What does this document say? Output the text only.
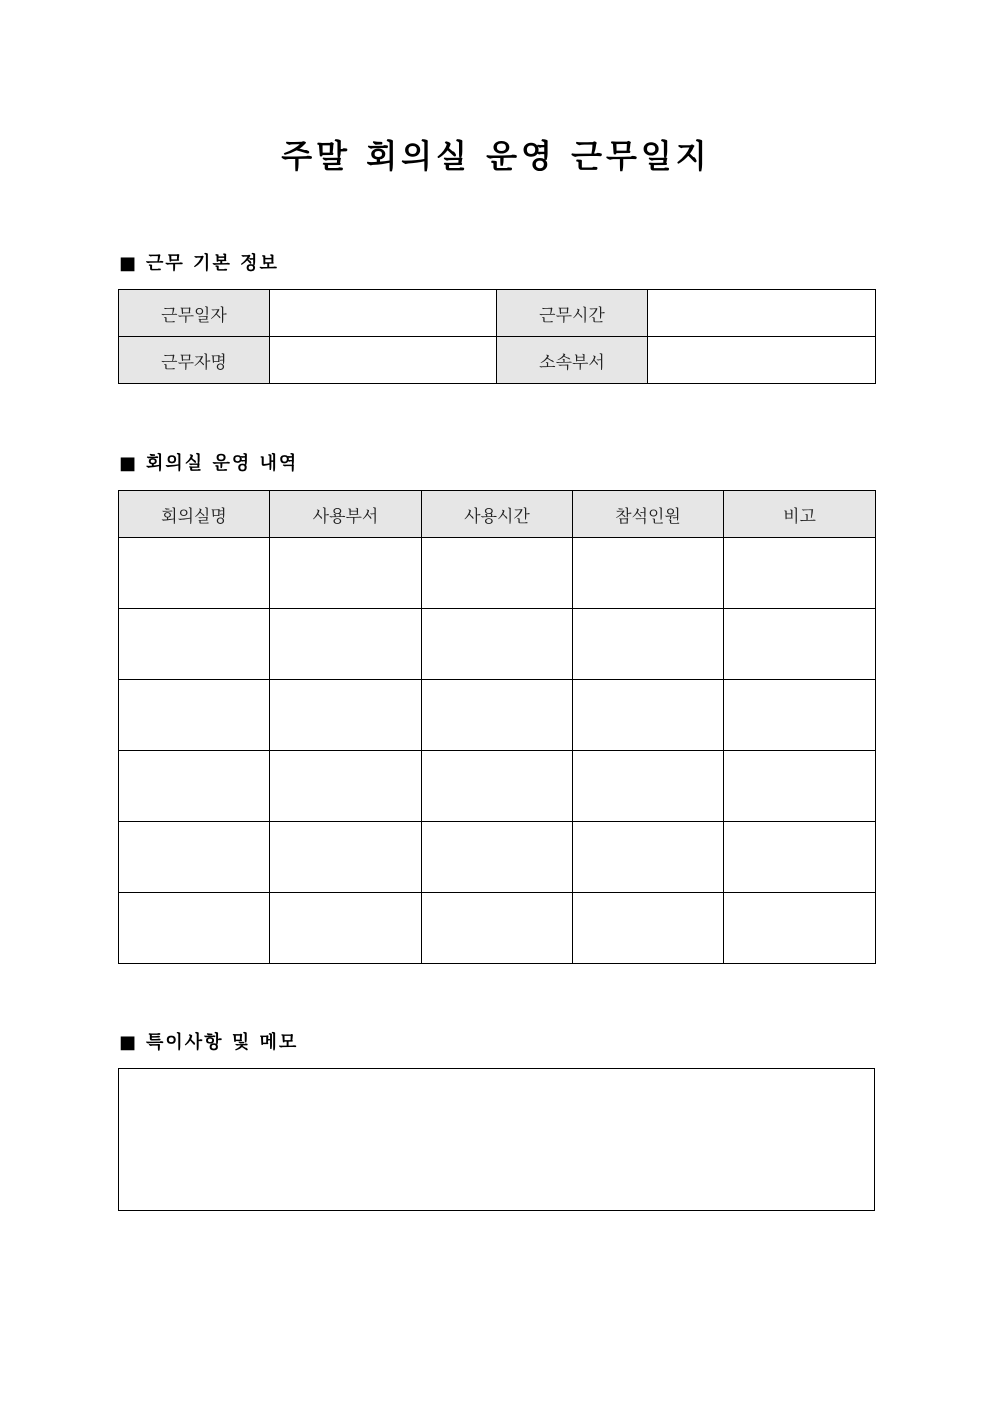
주말 회의실 운영 근무일지
■ 근무 기본 정보
근무일자		근무시간	
근무자명		소속부서	
■ 회의실 운영 내역
회의실명	사용부서	사용시간	참석인원	비고

■ 특이사항 및 메모
